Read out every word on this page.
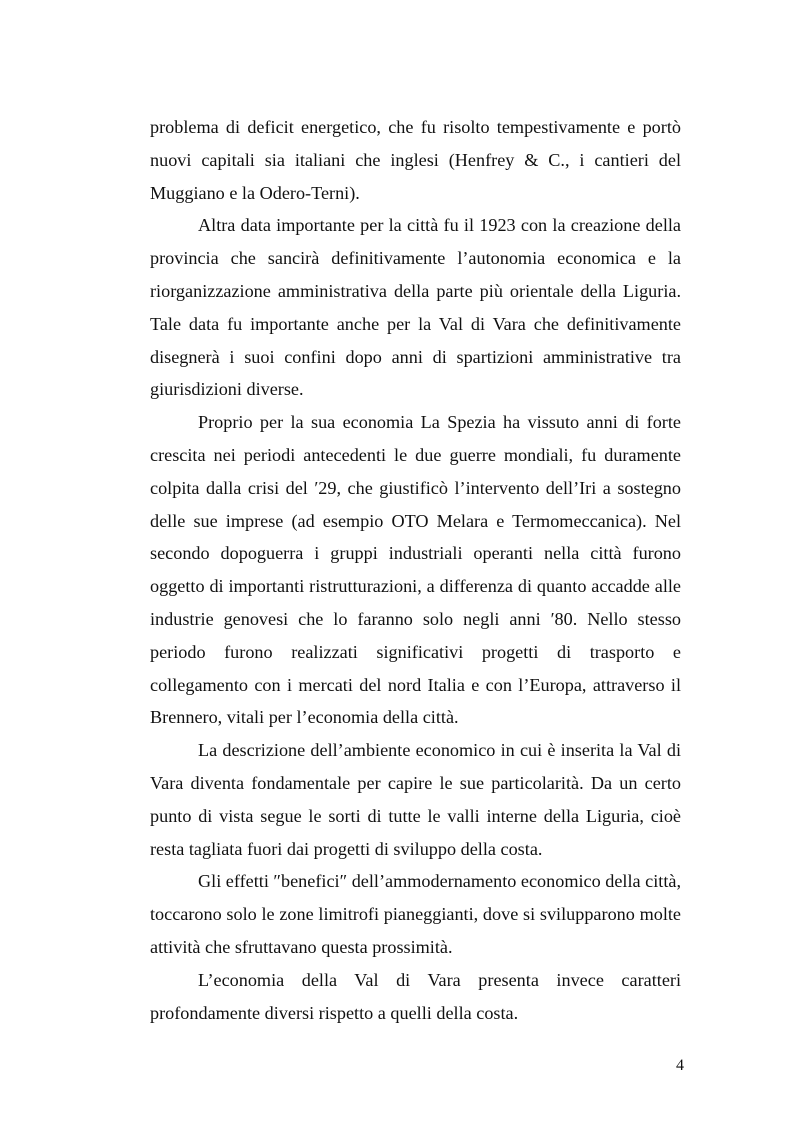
problema di deficit energetico, che fu risolto tempestivamente e portò nuovi capitali sia italiani che inglesi (Henfrey & C., i cantieri del Muggiano e la Odero-Terni).

Altra data importante per la città fu il 1923 con la creazione della provincia che sancirà definitivamente l’autonomia economica e la riorganizzazione amministrativa della parte più orientale della Liguria. Tale data fu importante anche per la Val di Vara che definitivamente disegnerà i suoi confini dopo anni di spartizioni amministrative tra giurisdizioni diverse.

Proprio per la sua economia La Spezia ha vissuto anni di forte crescita nei periodi antecedenti le due guerre mondiali, fu duramente colpita dalla crisi del ′29, che giustificò l’intervento dell’Iri a sostegno delle sue imprese (ad esempio OTO Melara e Termomeccanica). Nel secondo dopoguerra i gruppi industriali operanti nella città furono oggetto di importanti ristrutturazioni, a differenza di quanto accadde alle industrie genovesi che lo faranno solo negli anni ′80. Nello stesso periodo furono realizzati significativi progetti di trasporto e collegamento con i mercati del nord Italia e con l’Europa, attraverso il Brennero, vitali per l’economia della città.

La descrizione dell’ambiente economico in cui è inserita la Val di Vara diventa fondamentale per capire le sue particolarità. Da un certo punto di vista segue le sorti di tutte le valli interne della Liguria, cioè resta tagliata fuori dai progetti di sviluppo della costa.

Gli effetti ″benefici″ dell’ammodernamento economico della città, toccarono solo le zone limitrofi pianeggianti, dove si svilupparono molte attività che sfruttavano questa prossimità.

L’economia della Val di Vara presenta invece caratteri profondamente diversi rispetto a quelli della costa.

4
